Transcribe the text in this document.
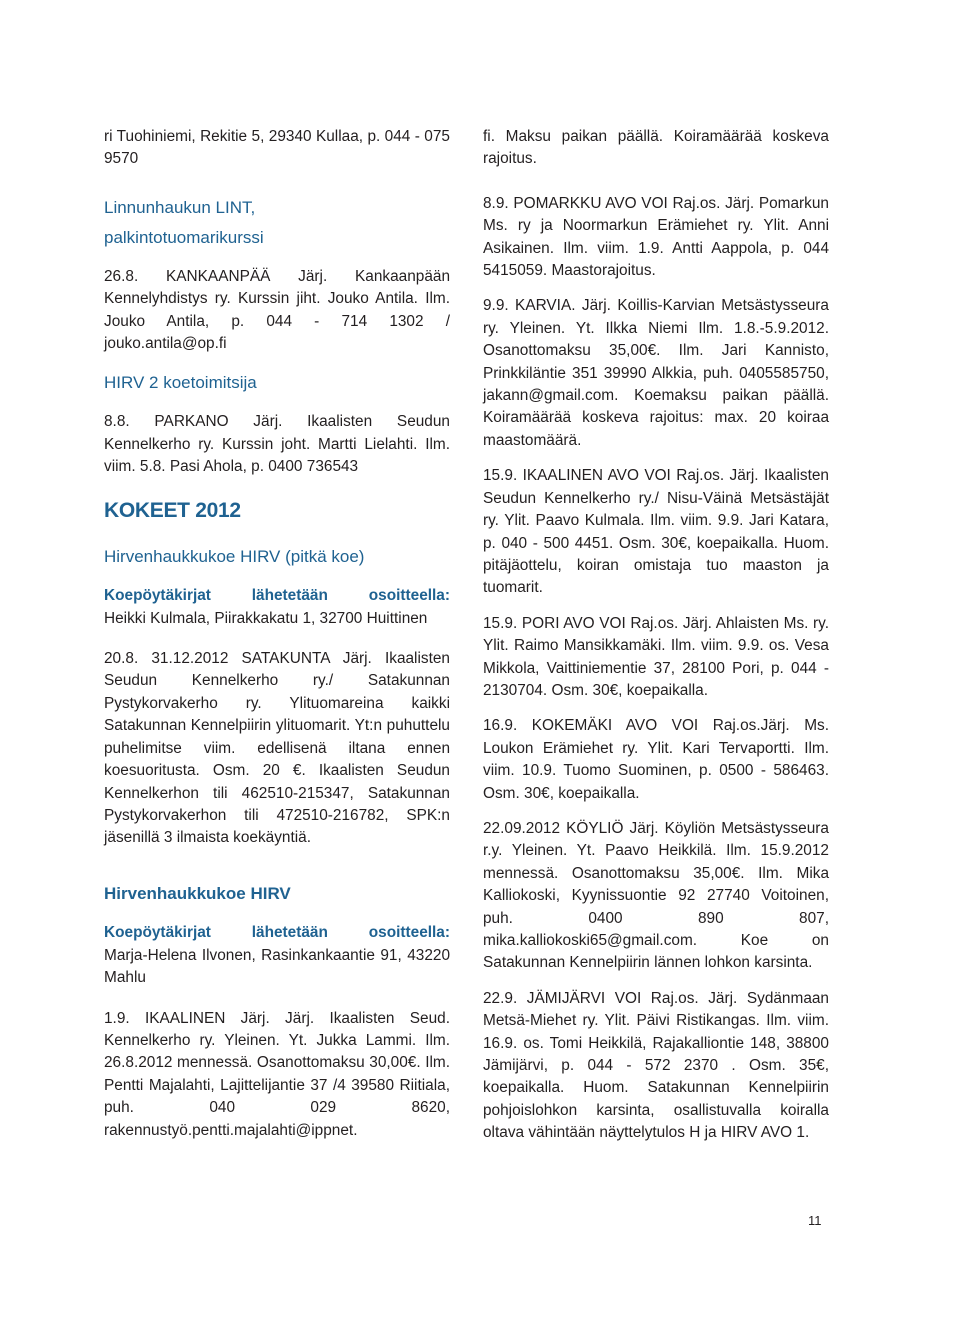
ri Tuohiniemi, Rekitie 5, 29340 Kullaa, p. 044 - 075 9570

Linnunhaukun LINT, palkintotuomarikurssi

26.8. KANKAANPÄÄ Järj. Kankaanpään Kennelyhdistys ry. Kurssin jiht. Jouko Antila. Ilm. Jouko Antila, p. 044 - 714 1302 / jouko.antila@op.fi

HIRV 2 koetoimitsija

8.8. PARKANO Järj. Ikaalisten Seudun Kennelkerho ry. Kurssin joht. Martti Lielahti. Ilm. viim. 5.8. Pasi Ahola, p. 0400 736543

KOKEET 2012

Hirvenhaukkukoe HIRV (pitkä koe)

Koepöytäkirjat lähetetään osoitteella:

Heikki Kulmala, Piirakkakatu 1, 32700 Huittinen

20.8. 31.12.2012 SATAKUNTA Järj. Ikaalisten Seudun Kennelkerho ry./ Satakunnan Pystykorvakerho ry. Ylituomareina kaikki Satakunnan Kennelpiirin ylituomarit. Yt:n puhuttelu puhelimitse viim. edellisenä iltana ennen koesuoritusta. Osm. 20 €. Ikaalisten Seudun Kennelkerhon tili 462510-215347, Satakunnan Pystykorvakerhon tili 472510-216782, SPK:n jäsenillä 3 ilmaista koekäyntiä.

Hirvenhaukkukoe HIRV

Koepöytäkirjat lähetetään osoitteella:

Marja-Helena Ilvonen, Rasinkankaantie 91, 43220 Mahlu

1.9. IKAALINEN Järj. Järj. Ikaalisten Seud. Kennelkerho ry. Yleinen. Yt. Jukka Lammi. Ilm. 26.8.2012 mennessä. Osanottomaksu 30,00€. Ilm. Pentti Majalahti, Lajittelijantie 37 /4 39580 Riitiala, puh. 040 029 8620, rakennustyö.pentti.majalahti@ippnet.

fi. Maksu paikan päällä. Koiramäärää koskeva rajoitus.

8.9. POMARKKU AVO VOI Raj.os. Järj. Pomarkun Ms. ry ja Noormarkun Erämiehet ry. Ylit. Anni Asikainen. Ilm. viim. 1.9. Antti Aappola, p. 044 5415059. Maastorajoitus.

9.9. KARVIA. Järj. Koillis-Karvian Metsästysseura ry. Yleinen. Yt. Ilkka Niemi Ilm. 1.8.-5.9.2012. Osanottomaksu 35,00€. Ilm. Jari Kannisto, Prinkkiläntie 351 39990 Alkkia, puh. 0405585750, jakann@gmail.com. Koemaksu paikan päällä. Koiramäärää koskeva rajoitus: max. 20 koiraa maastomäärä.

15.9. IKAALINEN AVO VOI Raj.os. Järj. Ikaalisten Seudun Kennelkerho ry./ Nisu-Väinä Metsästäjät ry. Ylit. Paavo Kulmala. Ilm. viim. 9.9. Jari Katara, p. 040 - 500 4451. Osm. 30€, koepaikalla. Huom. pitäjäottelu, koiran omistaja tuo maaston ja tuomarit.

15.9. PORI AVO VOI Raj.os. Järj. Ahlaisten Ms. ry. Ylit. Raimo Mansikkamäki. Ilm. viim. 9.9. os. Vesa Mikkola, Vaittiniementie 37, 28100 Pori, p. 044 - 2130704. Osm. 30€, koepaikalla.

16.9. KOKEMÄKI AVO VOI Raj.os.Järj. Ms. Loukon Erämiehet ry. Ylit. Kari Tervaportti. Ilm. viim. 10.9. Tuomo Suominen, p. 0500 - 586463. Osm. 30€, koepaikalla.

22.09.2012 KÖYLIÖ Järj. Köyliön Metsästysseura r.y. Yleinen. Yt. Paavo Heikkilä. Ilm. 15.9.2012 mennessä. Osanottomaksu 35,00€. Ilm. Mika Kalliokoski, Kyynissuontie 92 27740 Voitoinen, puh. 0400 890 807, mika.kalliokoski65@gmail.com. Koe on Satakunnan Kennelpiirin lännen lohkon karsinta.

22.9. JÄMIJÄRVI VOI Raj.os. Järj. Sydänmaan Metsä-Miehet ry. Ylit. Päivi Ristikangas. Ilm. viim. 16.9. os. Tomi Heikkilä, Rajakalliontie 148, 38800 Jämijärvi, p. 044 - 572 2370 . Osm. 35€, koepaikalla. Huom. Satakunnan Kennelpiirin pohjoislohkon karsinta, osallistuvalla koiralla oltava vähintään näyttelytulos H ja HIRV AVO 1.

11
